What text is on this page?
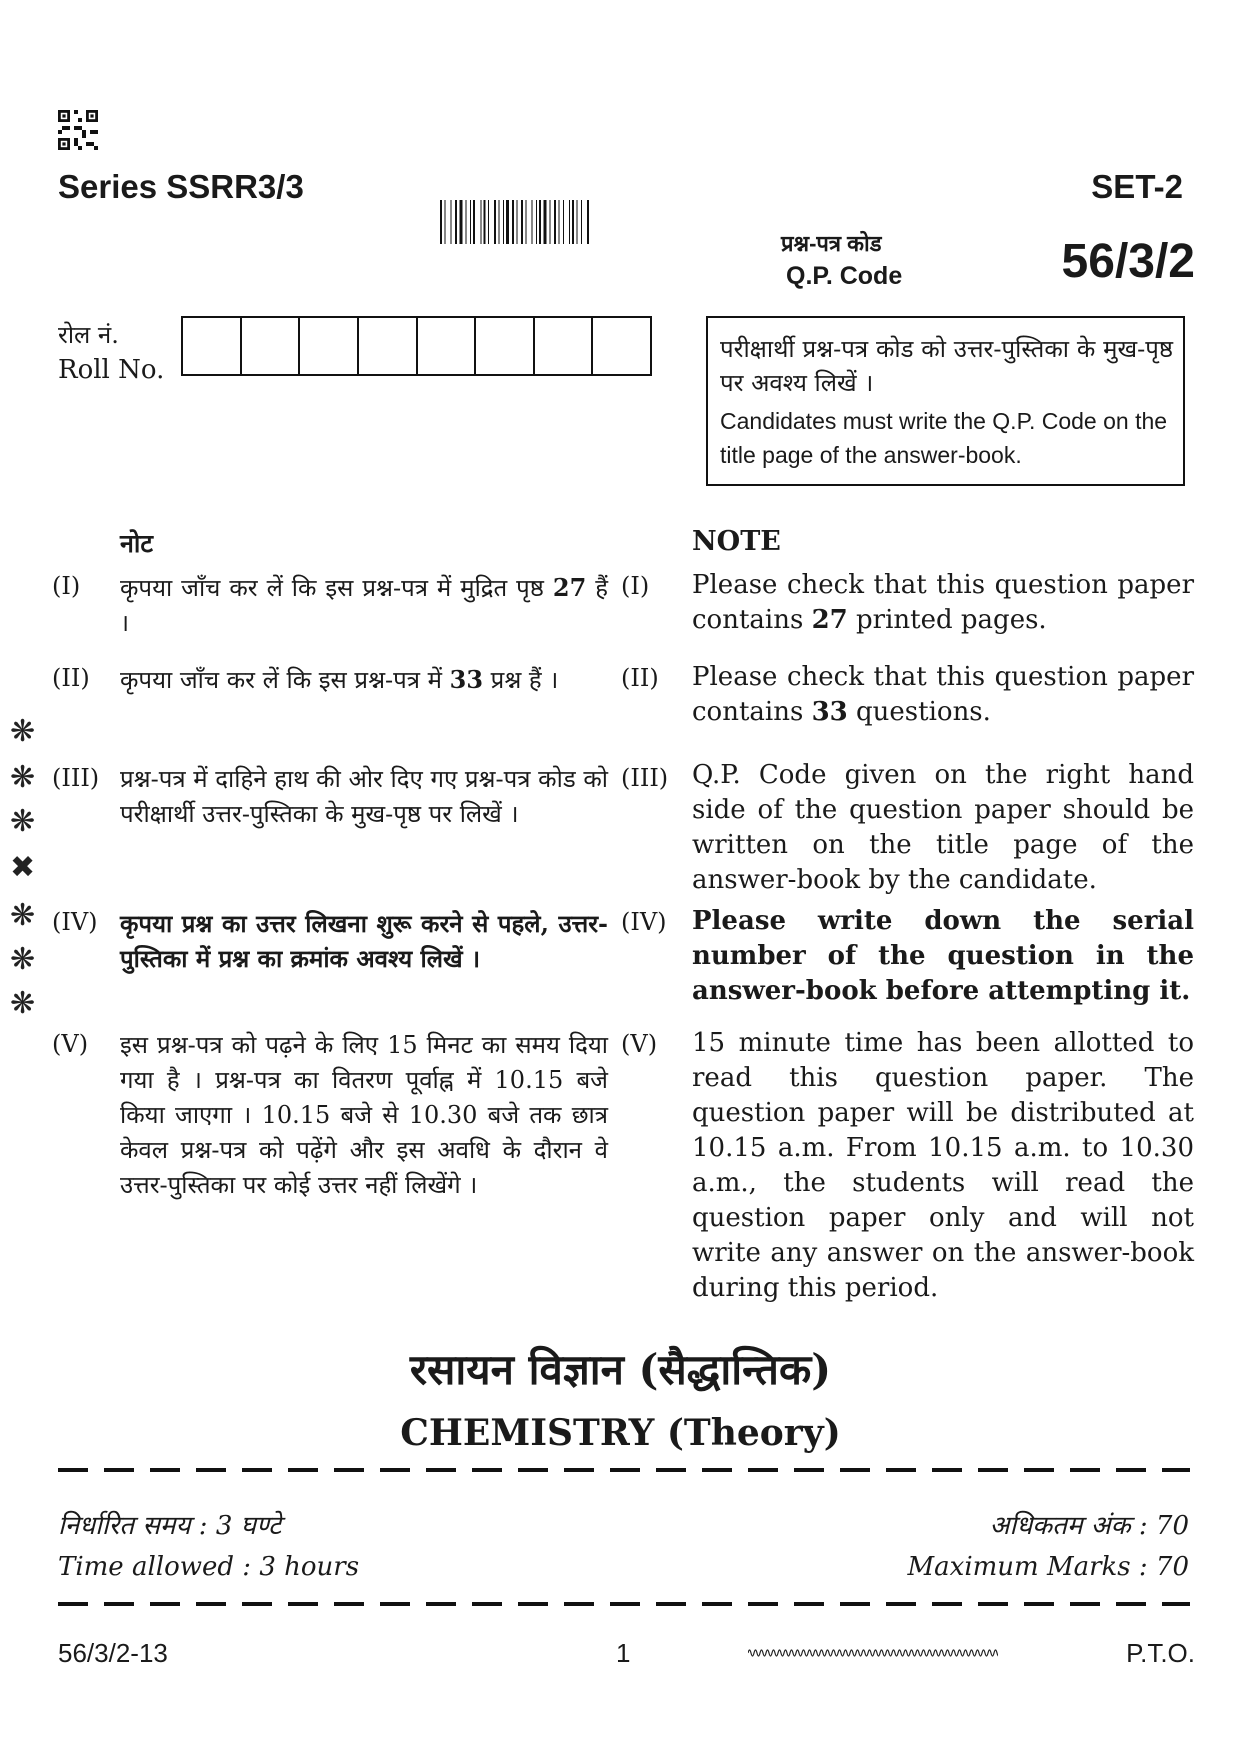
Series SSRR3/3	SET-2
प्रश्न-पत्र कोड
Q.P. Code	56/3/2
रोल नं.
Roll No.
परीक्षार्थी प्रश्न-पत्र कोड को उत्तर-पुस्तिका के मुख-पृष्ठ पर अवश्य लिखें ।
Candidates must write the Q.P. Code on the title page of the answer-book.
नोट	NOTE
(I) कृपया जाँच कर लें कि इस प्रश्न-पत्र में मुद्रित पृष्ठ 27 हैं ।
(I) Please check that this question paper contains 27 printed pages.
(II) कृपया जाँच कर लें कि इस प्रश्न-पत्र में 33 प्रश्न हैं ।	(II) Please check that this question paper contains 33 questions.
(III) प्रश्न-पत्र में दाहिने हाथ की ओर दिए गए प्रश्न-पत्र कोड को परीक्षार्थी उत्तर-पुस्तिका के मुख-पृष्ठ पर लिखें ।
(III) Q.P. Code given on the right hand side of the question paper should be written on the title page of the answer-book by the candidate.
(IV) कृपया प्रश्न का उत्तर लिखना शुरू करने से पहले, उत्तर-पुस्तिका में प्रश्न का क्रमांक अवश्य लिखें ।
(IV) Please write down the serial number of the question in the answer-book before attempting it.
(V) इस प्रश्न-पत्र को पढ़ने के लिए 15 मिनट का समय दिया गया है । प्रश्न-पत्र का वितरण पूर्वाह्न में 10.15 बजे किया जाएगा । 10.15 बजे से 10.30 बजे तक छात्र केवल प्रश्न-पत्र को पढ़ेंगे और इस अवधि के दौरान वे उत्तर-पुस्तिका पर कोई उत्तर नहीं लिखेंगे ।
(V) 15 minute time has been allotted to read this question paper. The question paper will be distributed at 10.15 a.m. From 10.15 a.m. to 10.30 a.m., the students will read the question paper only and will not write any answer on the answer-book during this period.
❋
❋
❋
✖
❋
❋
❋
रसायन विज्ञान (सैद्धान्तिक)
CHEMISTRY (Theory)
निर्धारित समय : 3 घण्टे
Time allowed : 3 hours
अधिकतम अंक : 70
Maximum Marks : 70
56/3/2-13	1	P.T.O.
